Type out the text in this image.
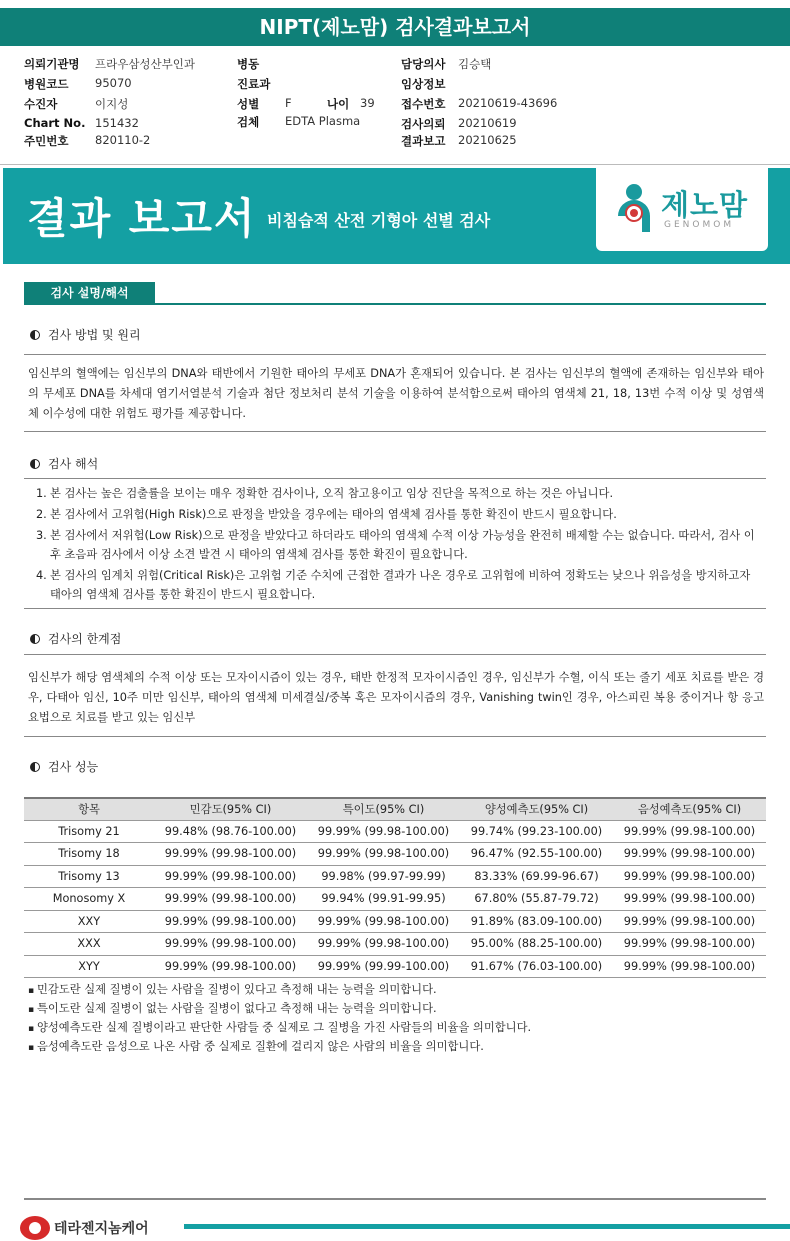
NIPT(제노맘) 검사결과보고서
의뢰기관명 프라우삼성산부인과
병원코드 95070
수진자	이지성
Chart No. 151432
주민번호 820110-2
병동
진료과
성별 F	나이 39
검체 EDTA Plasma
담당의사 김승택
임상정보
접수번호 20210619-43696
검사의뢰 20210619
결과보고 20210625
결과 보고서 비침습적 산전 기형아 선별 검사	제노맘
GENOMOM
검사 설명/해석
검사 방법 및 원리
임신부의 혈액에는 임신부의 DNA와 태반에서 기원한 태아의 무세포 DNA가 혼재되어 있습니다. 본 검사는 임신부의 혈액에 존재하는 임신부와 태아의 무세포 DNA를 차세대 염기서열분석 기술과 첨단 정보처리 분석 기술을 이용하여 분석함으로써 태아의 염색체 21, 18, 13번 수적 이상 및 성염색체 이수성에 대한 위험도 평가를 제공합니다.
검사 해석
1. 본 검사는 높은 검출률을 보이는 매우 정확한 검사이나, 오직 참고용이고 임상 진단을 목적으로 하는 것은 아닙니다.
2. 본 검사에서 고위험(High Risk)으로 판정을 받았을 경우에는 태아의 염색체 검사를 통한 확진이 반드시 필요합니다.
3. 본 검사에서 저위험(Low Risk)으로 판정을 받았다고 하더라도 태아의 염색체 수적 이상 가능성을 완전히 배제할 수는 없습니다. 따라서, 검사 이후 초음파 검사에서 이상 소견 발견 시 태아의 염색체 검사를 통한 확진이 필요합니다.
4. 본 검사의 임계치 위험(Critical Risk)은 고위험 기준 수치에 근접한 결과가 나온 경우로 고위험에 비하여 정확도는 낮으나 위음성을 방지하고자 태아의 염색체 검사를 통한 확진이 반드시 필요합니다.
검사의 한계점
임신부가 해당 염색체의 수적 이상 또는 모자이시즘이 있는 경우, 태반 한정적 모자이시즘인 경우, 임신부가 수혈, 이식 또는 줄기 세포 치료를 받은 경우, 다태아 임신, 10주 미만 임신부, 태아의 염색체 미세결실/중복 혹은 모자이시즘의 경우, Vanishing twin인 경우, 아스피린 복용 중이거나 항 응고 요법으로 치료를 받고 있는 임신부
검사 성능
항목	민감도(95% CI)	특이도(95% CI)	양성예측도(95% CI)	음성예측도(95% CI)
Trisomy 21	99.48% (98.76-100.00)	99.99% (99.98-100.00)	99.74% (99.23-100.00)	99.99% (99.98-100.00)
Trisomy 18	99.99% (99.98-100.00)	99.99% (99.98-100.00)	96.47% (92.55-100.00)	99.99% (99.98-100.00)
Trisomy 13	99.99% (99.98-100.00)	99.98% (99.97-99.99)	83.33% (69.99-96.67)	99.99% (99.98-100.00)
Monosomy X	99.99% (99.98-100.00)	99.94% (99.91-99.95)	67.80% (55.87-79.72)	99.99% (99.98-100.00)
XXY	99.99% (99.98-100.00)	99.99% (99.98-100.00)	91.89% (83.09-100.00)	99.99% (99.98-100.00)
XXX	99.99% (99.98-100.00)	99.99% (99.98-100.00)	95.00% (88.25-100.00)	99.99% (99.98-100.00)
XYY	99.99% (99.98-100.00)	99.99% (99.99-100.00)	91.67% (76.03-100.00)	99.99% (99.98-100.00)
▪ 민감도란 실제 질병이 있는 사람을 질병이 있다고 측정해 내는 능력을 의미합니다.
▪ 특이도란 실제 질병이 없는 사람을 질병이 없다고 측정해 내는 능력을 의미합니다.
▪ 양성예측도란 실제 질병이라고 판단한 사람들 중 실제로 그 질병을 가진 사람들의 비율을 의미합니다.
▪ 음성예측도란 음성으로 나온 사람 중 실제로 질환에 걸리지 않은 사람의 비율을 의미합니다.
테라젠지놈케어
